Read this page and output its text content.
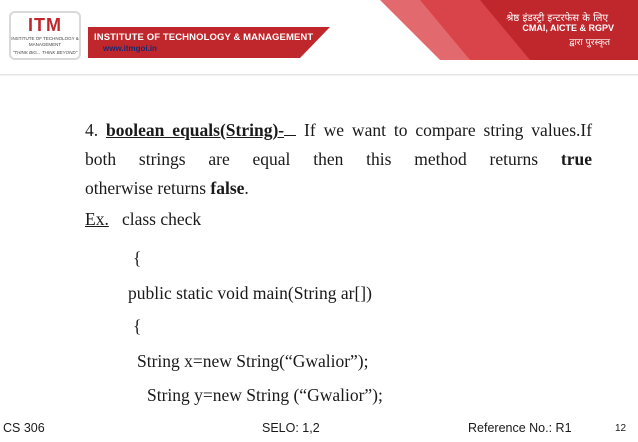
ITM
INSTITUTE OF TECHNOLOGY & MANAGEMENT
"THINK BIG... THINK BEYOND"
INSTITUTE OF TECHNOLOGY & MANAGEMENT
www.itmgoi.in
श्रेष्ठ इंडस्ट्री इन्टरफेस के लिए
CMAI, AICTE & RGPV
द्वारा पुरस्कृत

4. boolean equals(String)- If we want to compare string values.If both strings are equal then this method returns true

otherwise returns false.

Ex. class check
{
public static void main(String ar[])
{
String x=new String(“Gwalior”);
String y=new String (“Gwalior”);
CS 306	SELO: 1,2	Reference No.: R1	12
